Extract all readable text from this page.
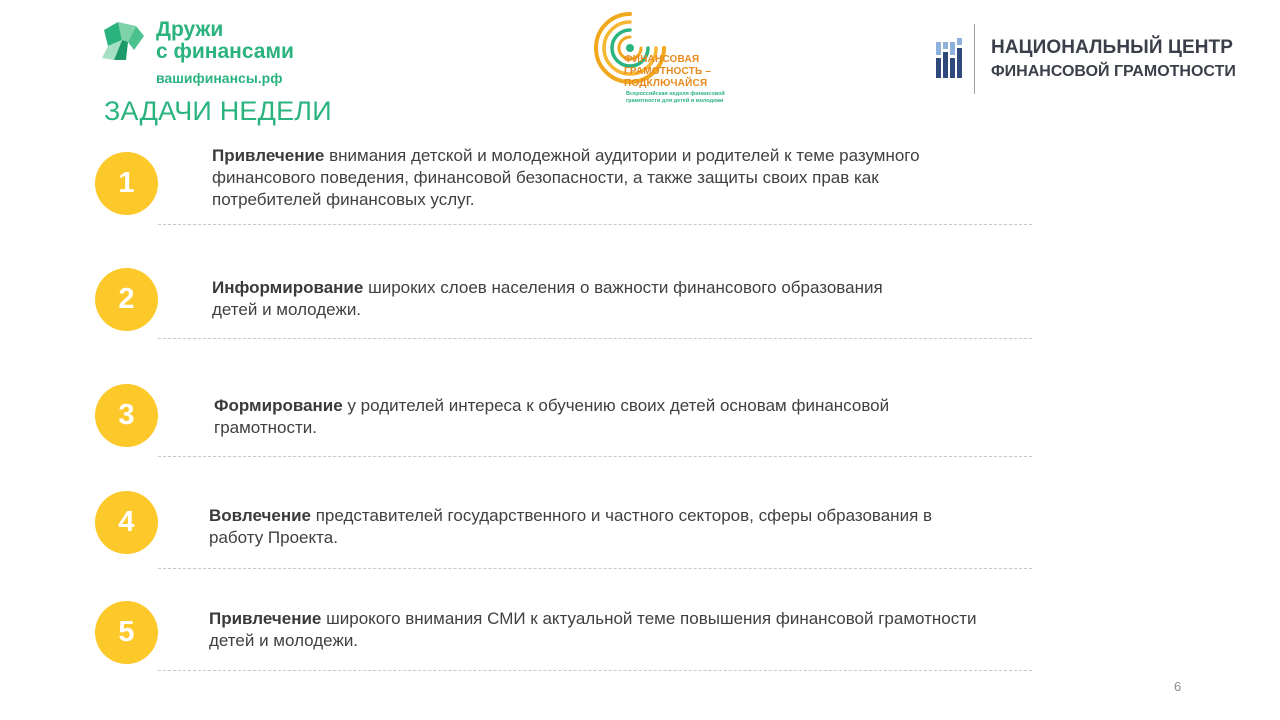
Дружи
с финансами
вашифинансы.рф
ФИНАНСОВАЯ
ГРАМОТНОСТЬ –
ПОДКЛЮЧАЙСЯ
Всероссийская неделя финансовой
грамотности для детей и молодежи
НАЦИОНАЛЬНЫЙ ЦЕНТР
ФИНАНСОВОЙ ГРАМОТНОСТИ
ЗАДАЧИ НЕДЕЛИ
1
Привлечение внимания детской и молодежной аудитории и родителей к теме разумного
финансового поведения, финансовой безопасности, а также защиты своих прав как
потребителей финансовых услуг.
2	Информирование широких слоев населения о важности финансового образования
детей и молодежи.
3	Формирование у родителей интереса к обучению своих детей основам финансовой
грамотности.
4	Вовлечение представителей государственного и частного секторов, сферы образования в
работу Проекта.
5	Привлечение широкого внимания СМИ к актуальной теме повышения финансовой грамотности
детей и молодежи.
6
